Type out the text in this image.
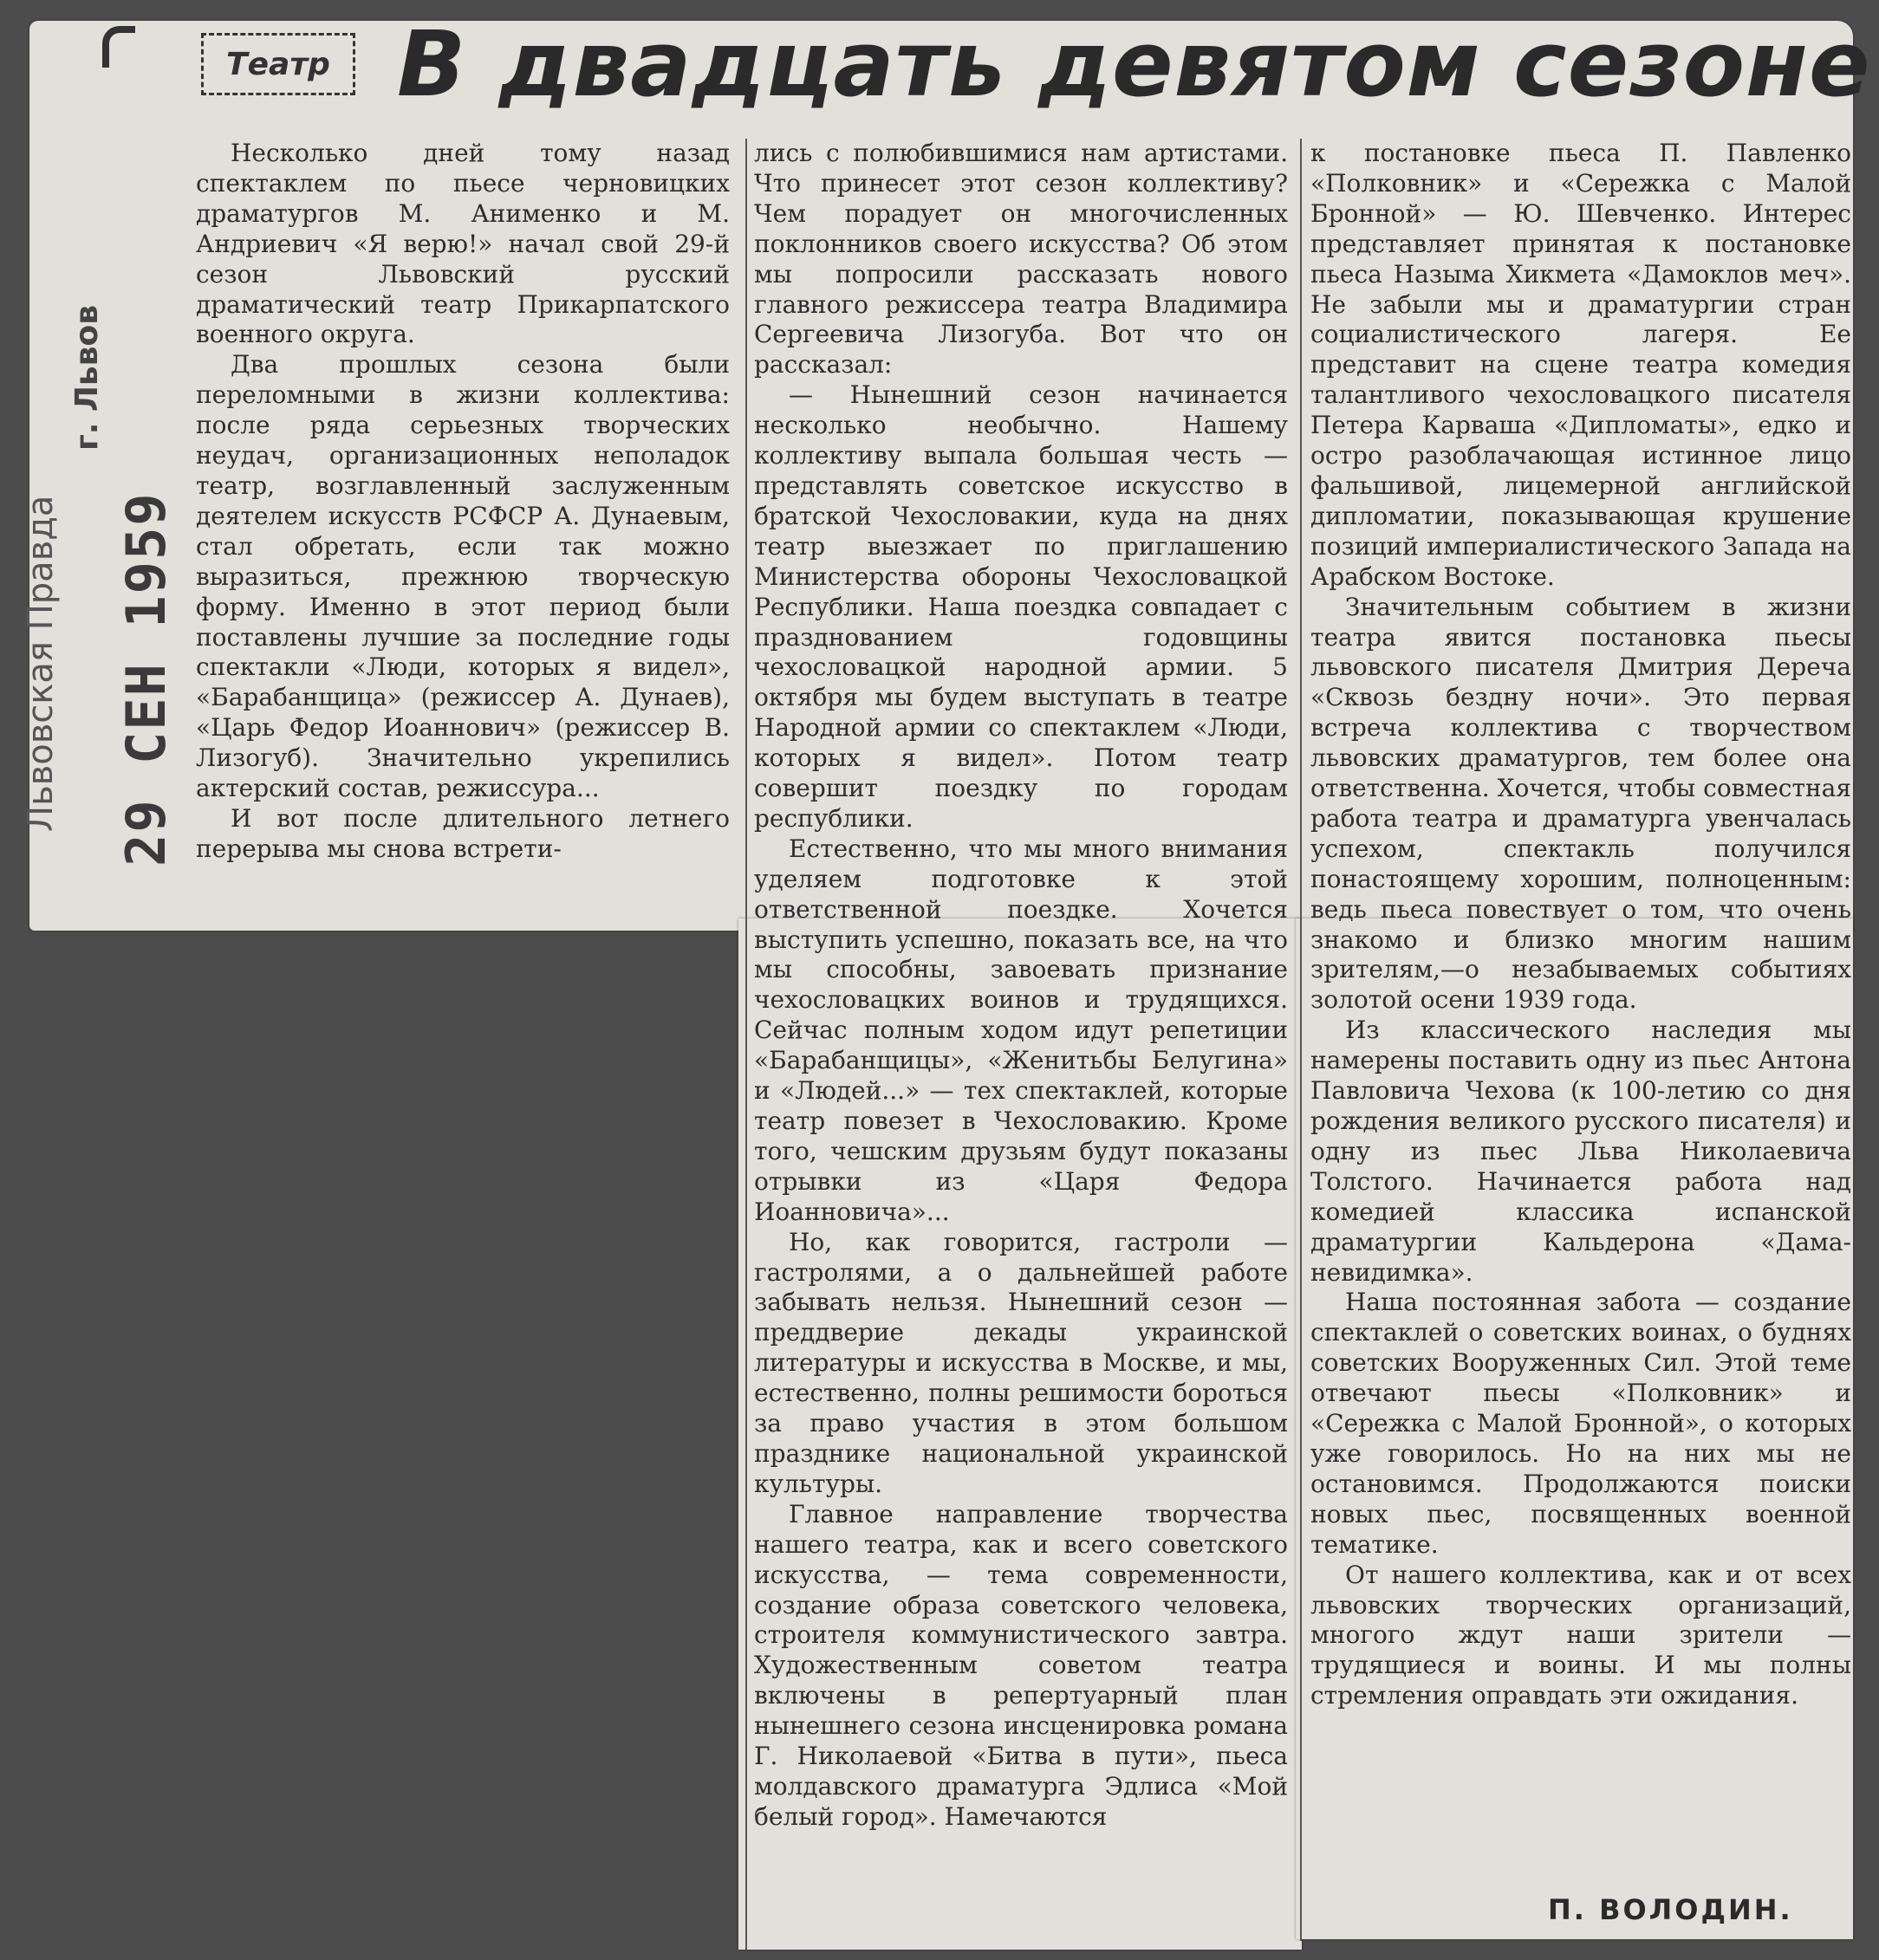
Львовская Правда
г. Львов
29 СЕН 1959
Театр В двадцать девятом сезоне

Несколько дней тому назад спектаклем по пьесе черновицких драматургов М. Анименко и М. Андриевич «Я верю!» начал свой 29-й сезон Львовский русский драматический театр Прикарпатского военного округа.

Два прошлых сезона были переломными в жизни коллектива: после ряда серьезных творческих неудач, организационных неполадок театр, возглавленный заслуженным деятелем искусств РСФСР А. Дунаевым, стал обретать, если так можно выразиться, прежнюю творческую форму. Именно в этот период были поставлены лучшие за последние годы спектакли «Люди, которых я видел», «Барабанщица» (режиссер А. Дунаев), «Царь Федор Иоаннович» (режиссер В. Лизогуб). Значительно укрепились актерский состав, режиссура...

И вот после длительного летнего перерыва мы снова встрети-

лись с полюбившимися нам артистами. Что принесет этот сезон коллективу? Чем порадует он многочисленных поклонников своего искусства? Об этом мы попросили рассказать нового главного режиссера театра Владимира Сергеевича Лизогуба. Вот что он рассказал:

— Нынешний сезон начинается несколько необычно. Нашему коллективу выпала большая честь — представлять советское искусство в братской Чехословакии, куда на днях театр выезжает по приглашению Министерства обороны Чехословацкой Республики. Наша поездка совпадает с празднованием годовщины чехословацкой народной армии. 5 октября мы будем выступать в театре Народной армии со спектаклем «Люди, которых я видел». Потом театр совершит поездку по городам республики.

Естественно, что мы много внимания уделяем подготовке к этой ответственной поездке. Хочется выступить успешно, показать все, на что мы способны, завоевать признание чехословацких воинов и трудящихся. Сейчас полным ходом идут репетиции «Барабанщицы», «Женитьбы Белугина» и «Людей...» — тех спектаклей, которые театр повезет в Чехословакию. Кроме того, чешским друзьям будут показаны отрывки из «Царя Федора Иоанновича»...

Но, как говорится, гастроли — гастролями, а о дальнейшей работе забывать нельзя. Нынешний сезон — преддверие декады украинской литературы и искусства в Москве, и мы, естественно, полны решимости бороться за право участия в этом большом празднике национальной украинской культуры.

Главное направление творчества нашего театра, как и всего советского искусства, — тема современности, создание образа советского человека, строителя коммунистического завтра. Художественным советом театра включены в репертуарный план нынешнего сезона инсценировка романа Г. Николаевой «Битва в пути», пьеса молдавского драматурга Эдлиса «Мой белый город». Намечаются

к постановке пьеса П. Павленко «Полковник» и «Сережка с Малой Бронной» — Ю. Шевченко. Интерес представляет принятая к постановке пьеса Назыма Хикмета «Дамоклов меч». Не забыли мы и драматургии стран социалистического лагеря. Ее представит на сцене театра комедия талантливого чехословацкого писателя Петера Карваша «Дипломаты», едко и остро разоблачающая истинное лицо фальшивой, лицемерной английской дипломатии, показывающая крушение позиций империалистического Запада на Арабском Востоке.

Значительным событием в жизни театра явится постановка пьесы львовского писателя Дмитрия Дереча «Сквозь бездну ночи». Это первая встреча коллектива с творчеством львовских драматургов, тем более она ответственна. Хочется, чтобы совместная работа театра и драматурга увенчалась успехом, спектакль получился понастоящему хорошим, полноценным: ведь пьеса повествует о том, что очень знакомо и близко многим нашим зрителям,—о незабываемых событиях золотой осени 1939 года.

Из классического наследия мы намерены поставить одну из пьес Антона Павловича Чехова (к 100-летию со дня рождения великого русского писателя) и одну из пьес Льва Николаевича Толстого. Начинается работа над комедией классика испанской драматургии Кальдерона «Дама-невидимка».

Наша постоянная забота — создание спектаклей о советских воинах, о буднях советских Вооруженных Сил. Этой теме отвечают пьесы «Полковник» и «Сережка с Малой Бронной», о которых уже говорилось. Но на них мы не остановимся. Продолжаются поиски новых пьес, посвященных военной тематике.

От нашего коллектива, как и от всех львовских творческих организаций, многого ждут наши зрители —трудящиеся и воины. И мы полны стремления оправдать эти ожидания.

П. ВОЛОДИН.
